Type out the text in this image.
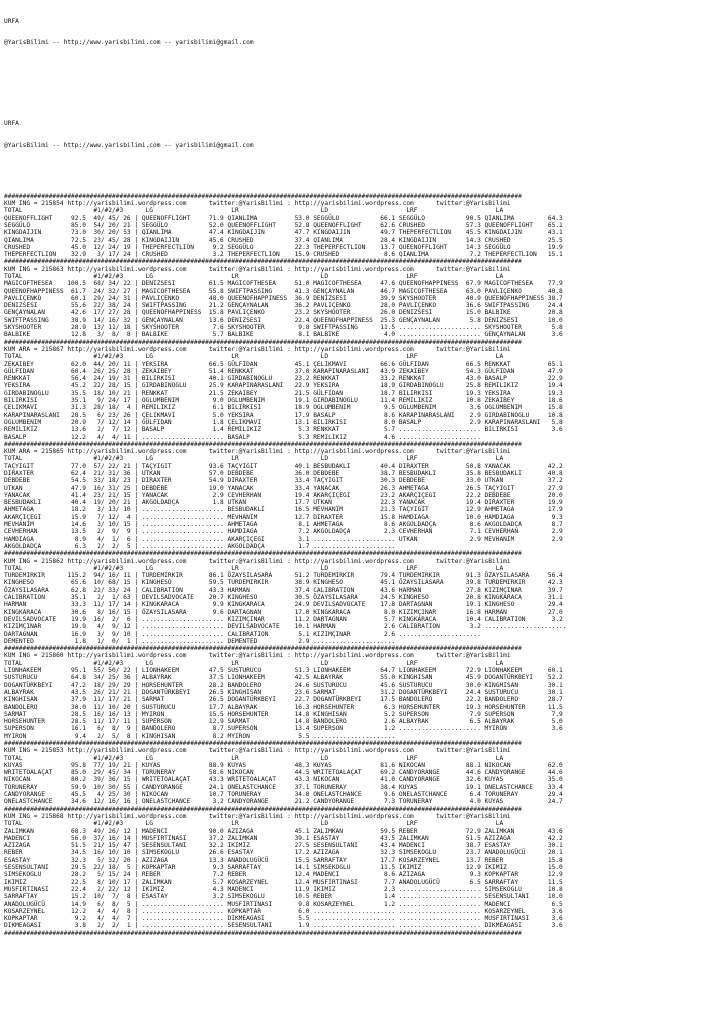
URFA

@YarisBilimi -- http://www.yarisbilimi.com -- yarisbilimi@gmail.com

URFA

@YarisBilimi -- http://www.yarisbilimi.com -- yarisbilimi@gmail.com

###########################################################################################################################################
KUM ING = 215854 http://yarisbilimi.wordpress.com      twitter:@YarisBilimi : http://yarisbilimi.wordpress.com      twitter:@YarisBilimi
TOTAL                   #1/#2/#3      LG                     LR                      LD                     LRF                     LA
QUEENOFFLIGHT     92.5  49/ 45/ 26 | QUEENOFFLIGHT     71.9 QIANLIMA          53.0 SEGGÜLO           66.1 SEGGÜLO           90.5 QIANLIMA         64.3
SEGGÜLO           85.0  54/ 20/ 21 | SEGGÜLO           52.0 QUEENOFFLIGHT     52.8 QUEENOFFLIGHT     62.6 CRUSHED           57.3 QUEENOFFLIGHT    65.1
KINGDAIJIN        73.0  30/ 20/ 53 | QIANLIMA          47.4 KINGDAIJIN        47.7 KINGDAIJIN        49.7 THEPERFECTLION    45.5 KINGDAIJIN       43.1
QIANLIMA          72.5  23/ 45/ 28 | KINGDAIJIN        45.6 CRUSHED           37.4 QIANLIMA          28.4 KINGDAIJIN        14.3 CRUSHED          25.5
CRUSHED           45.0  12/ 24/ 19 | THEPERFECTLION     9.2 SEGGÜLO           22.3 THEPERFECTLION    13.7 QUEENOFFLIGHT     14.3 SEGGÜLO          19.9
THEPERFECTLION    32.9   3/ 17/ 24 | CRUSHED            3.2 THEPERFECTLION    15.9 CRUSHED            8.6 QIANLIMA           7.2 THEPERFECTLION   15.1
###########################################################################################################################################
KUM ING = 215863 http://yarisbilimi.wordpress.com      twitter:@YarisBilimi : http://yarisbilimi.wordpress.com      twitter:@YarisBilimi
TOTAL                   #1/#2/#3      LG                     LR                      LD                     LRF                     LA
MAGICOFTHESEA    100.5  68/ 34/ 22 | DENIZSESI         61.5 MAGICOFTHESEA     51.0 MAGICOFTHESEA     47.6 QUEENOFHAPPINESS  67.9 MAGICOFTHESEA    77.9
QUEENOFHAPPINESS  61.7  24/ 32/ 27 | MAGICOFTHESEA     55.8 SWIFTPASSING      41.3 GENÇAYNALAN       46.7 MAGICOFTHESEA     63.0 PAVLIÇENKO       40.8
PAVLIÇENKO        60.1  29/ 24/ 31 | PAVLIÇENKO        48.0 QUEENOFHAPPINESS  36.9 DENIZSESI         39.9 SKYSHOOTER        40.9 QUEENOFHAPPINESS 38.7
DENIZSESI         55.6  22/ 38/ 24 | SWIFTPASSING      21.2 GENÇAYNALAN       36.2 PAVLIÇENKO        28.0 PAVLIÇENKO        36.6 SWIFTPASSING     24.4
GENÇAYNALAN       42.6  17/ 27/ 28 | QUEENOFHAPPINESS  15.8 PAVLIÇENKO        23.2 SKYSHOOTER        26.0 DENIZSESI         15.0 BALBIKE          20.8
SWIFTPASSING      38.9  14/ 16/ 32 | GENÇAYNALAN       13.6 DENIZSESI         22.4 QUEENOFHAPPINESS  25.3 GENÇAYNALAN        5.8 DENIZSESI        10.0
SKYSHOOTER        28.9  13/ 11/ 18 | SKYSHOOTER         7.6 SKYSHOOTER         9.8 SWIFTPASSING      11.5 ...................... SKYSHOOTER        5.8
BALBIKE           12.8   3/  8/  8 | BALBIKE            5.7 BALBIKE            8.1 BALBIKE            4.0 ...................... GENÇAYNALAN       3.6
###########################################################################################################################################
KUM ARA = 215867 http://yarisbilimi.wordpress.com      twitter:@YarisBilimi : http://yarisbilimi.wordpress.com      twitter:@YarisBilimi
TOTAL                   #1/#2/#3      LG                     LR                      LD                     LRF                     LA
ZEKAIBEY          62.0  44/ 20/ 11 | YEKSIRA           66.5 GÜLFIDAN          45.1 ÇELIKMAVI         66.6 GÜLFIDAN          66.5 RENKKAT          65.1
GÜLFIDAN          60.4  26/ 25/ 28 | ZEKAIBEY          51.4 RENKKAT           37.0 KARAPINARASLANI   43.9 ZEKAIBEY          54.3 GÜLFIDAN         47.9
RENKKAT           56.4  24/ 19/ 31 | BILIRKISI         40.1 GIRDABINOGLU      23.2 RENKKAT           33.2 RENKKAT           43.0 BASALP           22.9
YEKSIRA           45.2  22/ 28/ 15 | GIRDABINOGLU      25.9 KARAPINARASLANI   22.9 YEKSIRA           18.9 GIRDABINOGLU      25.8 REMILIKIZ        19.4
GIRDABINOGLU      35.5  18/ 10/ 21 | RENKKAT           21.5 ZEKAIBEY          21.5 GÜLFIDAN          18.7 BILIRKISI         19.3 YEKSIRA          19.3
BILIRKISI         35.1   9/ 24/ 17 | OGLUMBENIM         9.0 OGLUMBENIM        19.1 GIRDABINOGLU      11.4 REMILIKIZ         10.8 ZEKAIBEY         18.6
ÇELIKMAVI         31.3  28/ 18/  4 | REMILIKIZ          6.1 BILIRKISI         18.9 OGLUMBENIM         9.5 OGLUMBENIM         3.6 OGLUMBENIM       15.8
KARAPINARASLANI   28.5   6/ 23/ 26 | ÇELIKMAVI          5.0 YEKSIRA           17.9 BASALP             8.6 KARAPINARASLANI    2.9 GIRDABINOGLU     10.8
OGLUMBENIM        20.9   7/ 12/ 14 | GÜLFIDAN           1.8 ÇELIKMAVI         13.1 BILIRKISI          8.0 BASALP             2.9 KARAPINARASLANI   5.8
REMILIKIZ         13.6   2/  7/ 12 | BASALP             1.4 REMILIKIZ          5.3 RENKKAT            5.7 ...................... BILIRKISI         3.6
BASALP            12.2   4/  4/ 11 | ...................... BASALP             5.3 REMILIKIZ          4.6 ......................
###########################################################################################################################################
KUM ARA = 215865 http://yarisbilimi.wordpress.com      twitter:@YarisBilimi : http://yarisbilimi.wordpress.com      twitter:@YarisBilimi
TOTAL                   #1/#2/#3      LG                     LR                      LD                     LRF                     LA
TAÇYIGIT          77.0  57/ 22/ 21 | TAÇYIGIT          93.6 TAÇYIGIT          40.1 BESBUDAKLI        40.4 DIRAXTER          50.8 YANACAK          42.2
DIRAXTER          62.4  21/ 31/ 36 | UTKAN             57.0 DEBDEBE           36.0 DEBDEBE           38.7 BESBUDAKLI        35.8 BESBUDAKLI       40.8
DEBDEBE           54.5  33/ 18/ 23 | DIRAXTER          54.9 DIRAXTER          33.4 TAÇYIGIT          30.3 DEBDEBE           33.0 UTKAN            37.2
UTKAN             47.9  16/ 31/ 25 | DEBDEBE           19.0 YANACAK           33.4 YANACAK           26.3 AHMETAGA          26.5 TAÇYIGIT         27.9
YANACAK           41.4  23/ 21/ 15 | YANACAK            2.9 CEVHERHAN         19.4 AKARÇIÇEGI        23.2 AKARÇIÇEGI        22.2 DEBDEBE          20.0
BESBUDAKLI        40.4  19/ 20/ 21 | AKGOLDADÇA         1.8 UTKAN             17.7 UTKAN             22.3 YANACAK           19.4 DIRAXTER         19.9
AHMETAGA          18.2   3/ 13/ 10 | ...................... BESBUDAKLI        16.5 MEVHANIM          21.3 TAÇYIGIT          12.9 AHMETAGA         17.9
AKARÇIÇEGI        15.9   7/ 12/  4 | ...................... MEVHANIM          12.7 DIRAXTER          15.8 HAMDIAGA          10.0 HAMDIAGA          9.3
MEVHANIM          14.6   3/ 10/ 15 | ...................... AHMETAGA           8.1 AHMETAGA           8.6 AKGOLDADÇA         8.6 AKGOLDADÇA        8.7
CEVHERHAN         13.5   2/  9/  9 | ...................... HAMDIAGA           7.2 AKGOLDADÇA         2.3 CEVHERHAN          7.1 CEVHERHAN         2.9
HAMDIAGA           8.9   4/  1/  6 | ...................... AKARÇIÇEGI         3.1 ...................... UTKAN              2.9 MEVHANIM          2.9
AKGOLDADÇA         6.3   2/  2/  5 | ...................... AKGOLDADÇA         1.7 ......................
###########################################################################################################################################
KUM ING = 215862 http://yarisbilimi.wordpress.com      twitter:@YarisBilimi : http://yarisbilimi.wordpress.com      twitter:@YarisBilimi
TOTAL                   #1/#2/#3      LG                     LR                      LD                     LRF                     LA
TURDEMIRKIR      115.2  94/ 16/ 11 | TURDEMIRKIR       86.1 ÖZAYSILASARA      51.2 TURDEMIRKIR       79.4 TURDEMIRKIR       91.3 ÖZAYSILASARA     56.4
KINGHESO          65.6  10/ 68/ 15 | KINGHESO          59.5 TURDEMIRKIR       38.9 KINGHESO          45.1 ÖZAYSILASARA      39.8 TURDEMIRKIR      42.3
ÖZAYSILASARA      62.8  22/ 33/ 24 | CALIBRATION       43.3 HARMAN            37.4 CALIBRATION       43.6 HARMAN            27.8 KIZIMÇINAR       39.7
CALIBRATION       35.1   2/  1/ 63 | DEVILSADVOCATE    20.7 KINGHESO          30.5 ÖZAYSILASARA      24.5 KINGHESO          20.8 KINGKARACA       31.1
HARMAN            33.3  11/ 17/ 14 | KINGKARACA         9.9 KINGKARACA        24.9 DEVILSADVOCATE    17.8 DARTAGNAN         19.1 KINGHESO         29.4
KINGKARACA        30.6   8/ 16/ 15 | ÖZAYSILASARA       9.6 DARTAGNAN         17.0 KINGKARACA         8.0 KIZIMÇINAR        16.8 HARMAN           27.0
DEVILSADVOCATE    19.9  16/  2/  6 | ...................... KIZIMÇINAR        11.2 DARTAGNAN          5.7 KINGKARACA        10.4 CALIBRATION       3.2
KIZIMÇINAR        19.9   4/  9/ 12 | ...................... DEVILSADVOCATE    10.1 HARMAN             2.6 CALIBRATION        3.2 ......................
DARTAGNAN         16.9   3/  9/ 10 | ...................... CALIBRATION        5.1 KIZIMÇINAR         2.6 ......................
DEMENTED           1.8   1/  0/  1 | ...................... DEMENTED           2.9 ......................
###########################################################################################################################################
KUM ING = 215860 http://yarisbilimi.wordpress.com      twitter:@YarisBilimi : http://yarisbilimi.wordpress.com      twitter:@YarisBilimi
TOTAL                   #1/#2/#3      LG                     LR                      LD                     LRF                     LA
LIONHAKEEM        95.1  55/ 50/ 22 | LIONHAKEEM        47.5 SUSTURUCU         51.3 LIONHAKEEM        64.7 LIONHAKEEM        72.9 LIONHAKEEM       60.1
SUSTURUCU         64.8  34/ 25/ 36 | ALBAYRAK          37.5 LIONHAKEEM        42.5 ALBAYRAK          55.0 KINGHISAN         45.9 DOGANTÜRKBEYI    52.2
DOGANTÜRKBEYI     47.2  18/ 29/ 29 | HORSEHUNTER       28.2 BANDOLERO         24.6 SUSTURUCU         45.6 SUSTURUCU         30.0 KINGHISAN        30.1
ALBAYRAK          43.5  26/ 21/ 21 | DOGANTÜRKBEYI     26.5 KINGHISAN         23.6 SARMAT            31.2 DOGANTÜRKBEYI     24.4 SUSTURUCU        30.1
KINGHISAN         37.9  11/ 17/ 21 | SARMAT            26.5 DOGANTÜRKBEYI     22.7 DOGANTÜRKBEYI     17.5 BANDOLERO         22.2 BANDOLERO        28.7
BANDOLERO         30.0  11/ 10/ 20 | SUSTURUCU         17.7 ALBAYRAK          16.3 HORSEHUNTER        6.3 HORSEHUNTER       19.3 HORSEHUNTER      11.5
SARMAT            28.5  16/ 16/ 13 | MYIRON            15.5 HORSEHUNTER       14.8 KINGHISAN          5.2 SUPERSON           7.9 SUPERSON          7.9
HORSEHUNTER       28.5  11/ 17/ 11 | SUPERSON          12.9 SARMAT            14.8 BANDOLERO          2.6 ALBAYRAK           6.5 ALBAYRAK          5.0
SUPERSON          16.1   6/  8/  9 | BANDOLERO          8.7 SUPERSON          13.4 SUPERSON           1.2 ...................... MYIRON            3.6
MYIRON             9.4   2/  5/  8 | KINGHISAN          8.2 MYIRON             5.5 ......................
###########################################################################################################################################
KUM ING = 215853 http://yarisbilimi.wordpress.com      twitter:@YarisBilimi : http://yarisbilimi.wordpress.com      twitter:@YarisBilimi
TOTAL                   #1/#2/#3      LG                     LR                      LD                     LRF                     LA
KUYAS             95.8  77/ 19/ 21 | KUYAS             88.9 KUYAS             48.3 KUYAS             81.6 NIKOCAN           88.1 NIKOCAN          62.0
WRITETOALAÇAT     85.0  29/ 45/ 34 | TORUNERAY         58.6 NIKOCAN           44.5 WRITETOALAÇAT     69.2 CANDYORANGE       44.6 CANDYORANGE      44.6
NIKOCAN           80.2  39/ 36/ 15 | WRITETOALAÇAT     43.3 WRITETOALAÇAT     43.3 NIKOCAN           41.0 CANDYORANGE       32.6 KUYAS            35.0
TORUNERAY         59.9  10/ 30/ 55 | CANDYORANGE       24.1 ONELASTCHANCE     37.1 TORUNERAY         38.4 KUYAS             19.1 ONELASTCHANCE    33.4
CANDYORANGE       45.5   4/ 25/ 30 | NIKOCAN           10.7 TORUNERAY         34.8 ONELASTCHANCE      9.6 ONELASTCHANCE      6.4 TORUNERAY        29.4
ONELASTCHANCE     34.6  12/ 16/ 16 | ONELASTCHANCE      3.2 CANDYORANGE       21.2 CANDYORANGE        7.3 TORUNERAY          4.0 KUYAS            24.7
###########################################################################################################################################
KUM ING = 215868 http://yarisbilimi.wordpress.com      twitter:@YarisBilimi : http://yarisbilimi.wordpress.com      twitter:@YarisBilimi
TOTAL                   #1/#2/#3      LG                     LR                      LD                     LRF                     LA
ZALIMKAN          68.3  49/ 26/ 12 | MADENCI           90.0 AZIZAGA           45.1 ZALIMKAN          59.5 REBER             72.9 ZALIMKAN         43.6
MADENCI           56.0  37/ 16/ 14 | MUSFIRTINASI      37.2 ZALIMKAN          39.1 ESASTAY           43.5 ZALIMKAN          51.5 AZIZAGA          42.2
AZIZAGA           51.5  21/ 15/ 47 | SESENSULTANI      32.2 IKIMIZ            27.5 SESENSULTANI      43.4 MADENCI           38.7 ESASTAY          30.1
REBER             34.5  16/ 10/ 10 | SIMSEKOGLU        26.6 ESASTAY           17.2 AZIZAGA           32.3 SIMSEKOGLU        23.7 ANADOLUGÜCÜ      20.1
ESASTAY           32.3   5/ 32/ 20 | AZIZAGA           13.3 ANADOLUGÜCÜ       15.5 SARRAFTAY         17.7 KOSARZEYNEL       13.7 REBER            15.8
SESENSULTANI      29.5  22/ 18/  5 | KOPKAPTAR          9.3 SARRAFTAY         14.1 SIMSEKOGLU        11.5 IKIMIZ            12.9 IKIMIZ           15.0
SIMSEKOGLU        28.2   5/ 15/ 24 | REBER              7.2 REBER             12.4 MADENCI            8.6 AZIZAGA            9.3 KOPKAPTAR        12.9
IKIMIZ            22.5   8/ 10/ 17 | ZALIMKAN           5.7 KOSARZEYNEL       12.4 MUSFIRTINASI       7.7 ANADOLUGÜCÜ        6.5 SARRAFTAY        11.5
MUSFIRTINASI      22.4   2/ 22/ 12 | IKIMIZ             4.3 MADENCI           11.9 IKIMIZ             2.3 ...................... SIMSEKOGLU       10.8
SARRAFTAY         15.2  10/  7/  8 | ESASTAY            3.2 SIMSEKOGLU        10.5 REBER              1.4 ...................... SESENSULTANI     10.0
ANADOLUGÜCÜ       14.9   6/  8/  5 | ...................... MUSFIRTINASI       9.8 KOSARZEYNEL        1.2 ...................... MADENCI           6.5
KOSARZEYNEL       12.2   4/  4/  8 | ...................... KOPKAPTAR          6.0 ...................... ...................... KOSARZEYNEL       3.6
KOPKAPTAR          9.2   4/  4/  7 | ...................... DIKMEAGASI         5.5 ...................... ...................... MUSFIRTINASI      3.6
DIKMEAGASI         3.8   2/  2/  1 | ...................... SESENSULTANI       1.9 ...................... ...................... DIKMEAGASI        3.6
###########################################################################################################################################
